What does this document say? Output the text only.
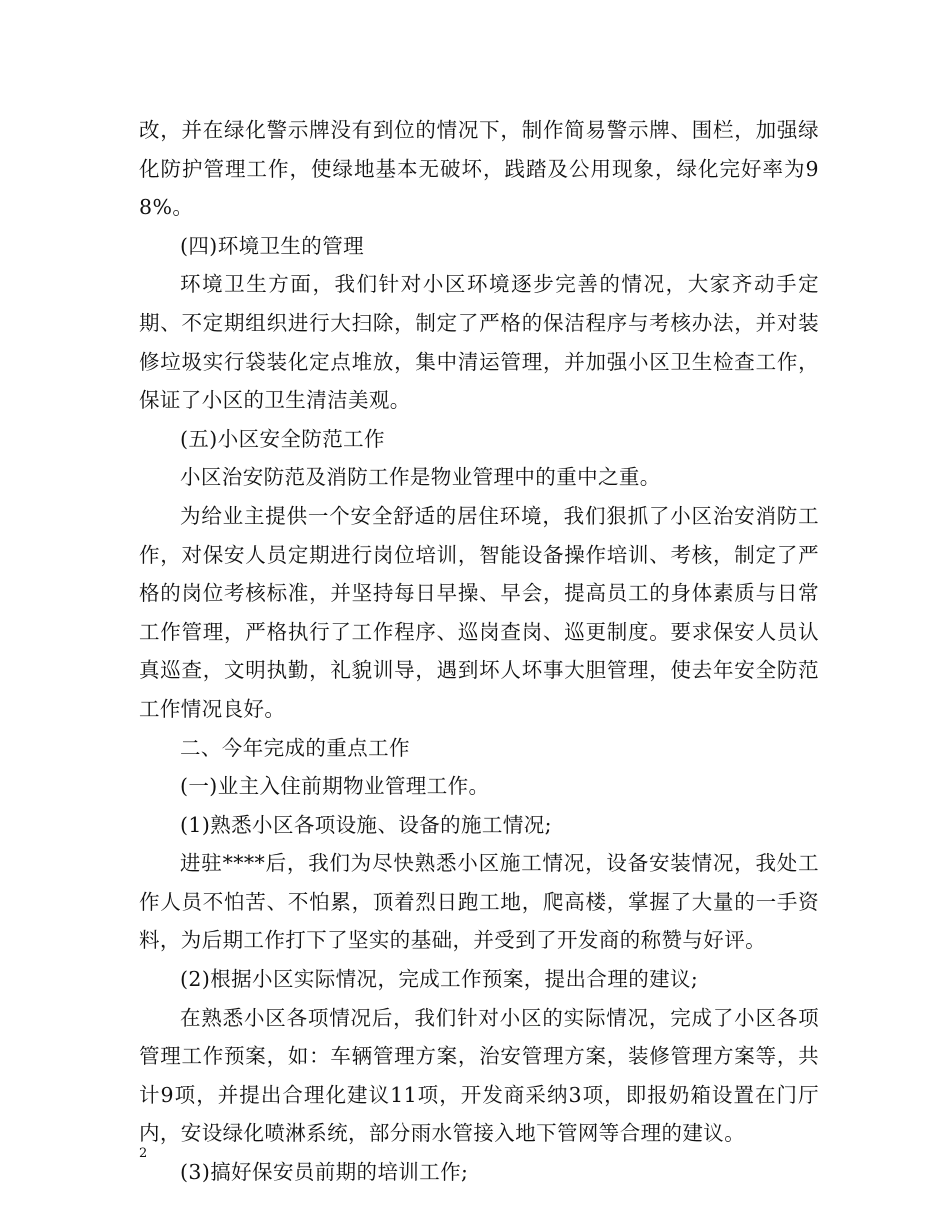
改，并在绿化警示牌没有到位的情况下，制作简易警示牌、围栏，加强绿化防护管理工作，使绿地基本无破坏，践踏及公用现象，绿化完好率为98%。

(四)环境卫生的管理

环境卫生方面，我们针对小区环境逐步完善的情况，大家齐动手定期、不定期组织进行大扫除，制定了严格的保洁程序与考核办法，并对装修垃圾实行袋装化定点堆放，集中清运管理，并加强小区卫生检查工作，保证了小区的卫生清洁美观。

(五)小区安全防范工作

小区治安防范及消防工作是物业管理中的重中之重。

为给业主提供一个安全舒适的居住环境，我们狠抓了小区治安消防工作，对保安人员定期进行岗位培训，智能设备操作培训、考核，制定了严格的岗位考核标准，并坚持每日早操、早会，提高员工的身体素质与日常工作管理，严格执行了工作程序、巡岗查岗、巡更制度。要求保安人员认真巡查，文明执勤，礼貌训导，遇到坏人坏事大胆管理，使去年安全防范工作情况良好。

二、今年完成的重点工作

(一)业主入住前期物业管理工作。

(1)熟悉小区各项设施、设备的施工情况;

进驻****后，我们为尽快熟悉小区施工情况，设备安装情况，我处工作人员不怕苦、不怕累，顶着烈日跑工地，爬高楼，掌握了大量的一手资料，为后期工作打下了坚实的基础，并受到了开发商的称赞与好评。

(2)根据小区实际情况，完成工作预案，提出合理的建议;

在熟悉小区各项情况后，我们针对小区的实际情况，完成了小区各项管理工作预案，如：车辆管理方案，治安管理方案，装修管理方案等，共计9项，并提出合理化建议11项，开发商采纳3项，即报奶箱设置在门厅内，安设绿化喷淋系统，部分雨水管接入地下管网等合理的建议。

(3)搞好保安员前期的培训工作;

2
